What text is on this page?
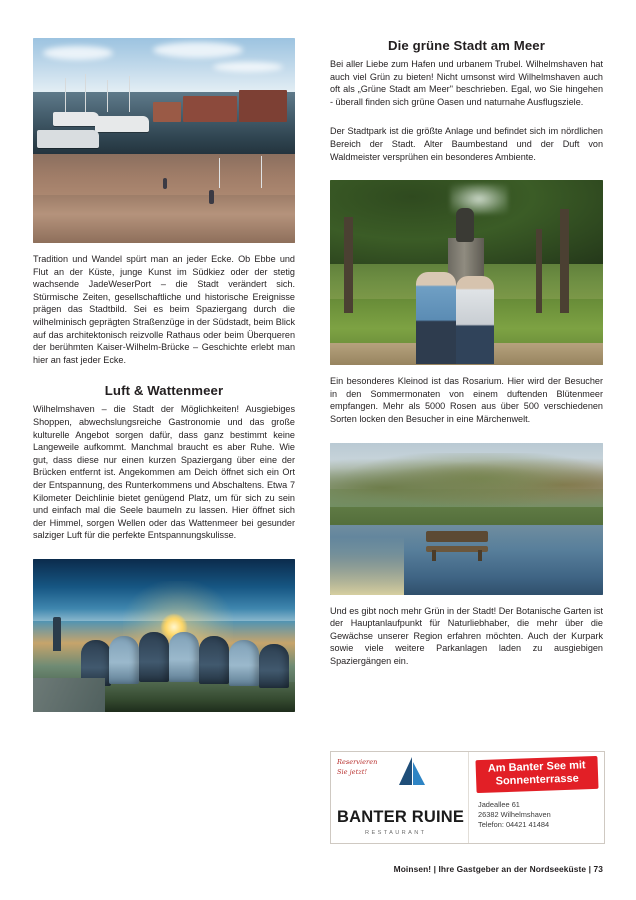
Tradition und Wandel spürt man an jeder Ecke. Ob Ebbe und Flut an der Küste, junge Kunst im Südkiez oder der stetig wachsende JadeWeserPort – die Stadt verändert sich. Stürmische Zeiten, gesellschaftliche und historische Ereignisse prägen das Stadtbild. Sei es beim Spaziergang durch die wilhelminisch geprägten Straßenzüge in der Südstadt, beim Blick auf das architektonisch reizvolle Rathaus oder beim Überqueren der berühmten Kaiser-Wilhelm-Brücke – Geschichte erlebt man hier an fast jeder Ecke.

Luft & Wattenmeer

Wilhelmshaven – die Stadt der Möglichkeiten! Ausgiebiges Shoppen, abwechslungsreiche Gastronomie und das große kulturelle Angebot sorgen dafür, dass ganz bestimmt keine Langeweile aufkommt. Manchmal braucht es aber Ruhe. Wie gut, dass diese nur einen kurzen Spaziergang über eine der Brücken entfernt ist. Angekommen am Deich öffnet sich ein Ort der Entspannung, des Runterkommens und Abschaltens. Etwa 7 Kilometer Deichlinie bietet genügend Platz, um für sich zu sein und einfach mal die Seele baumeln zu lassen. Hier öffnet sich der Himmel, sorgen Wellen oder das Wattenmeer bei gesunder salziger Luft für die perfekte Entspannungskulisse.

Die grüne Stadt am Meer

Bei aller Liebe zum Hafen und urbanem Trubel. Wilhelmshaven hat auch viel Grün zu bieten! Nicht umsonst wird Wilhelmshaven auch oft als „Grüne Stadt am Meer" beschrieben. Egal, wo Sie hingehen - überall finden sich grüne Oasen und naturnahe Ausflugsziele.

Der Stadtpark ist die größte Anlage und befindet sich im nördlichen Bereich der Stadt. Alter Baumbestand und der Duft von Waldmeister versprühen ein besonderes Ambiente.

Ein besonderes Kleinod ist das Rosarium. Hier wird der Besucher in den Sommermonaten von einem duftenden Blütenmeer empfangen. Mehr als 5000 Rosen aus über 500 verschiedenen Sorten locken den Besucher in eine Märchenwelt.

Und es gibt noch mehr Grün in der Stadt! Der Botanische Garten ist der Hauptanlaufpunkt für Naturliebhaber, die mehr über die Gewächse unserer Region erfahren möchten. Auch der Kurpark sowie viele weitere Parkanlagen laden zu ausgiebigen Spaziergängen ein.

Reservieren
Sie jetzt!
BANTER RUINE
RESTAURANT
Am Banter See mit
Sonnenterrasse
Jadeallee 61
26382 Wilhelmshaven
Telefon: 04421 41484
Moinsen! | Ihre Gastgeber an der Nordseeküste | 73
